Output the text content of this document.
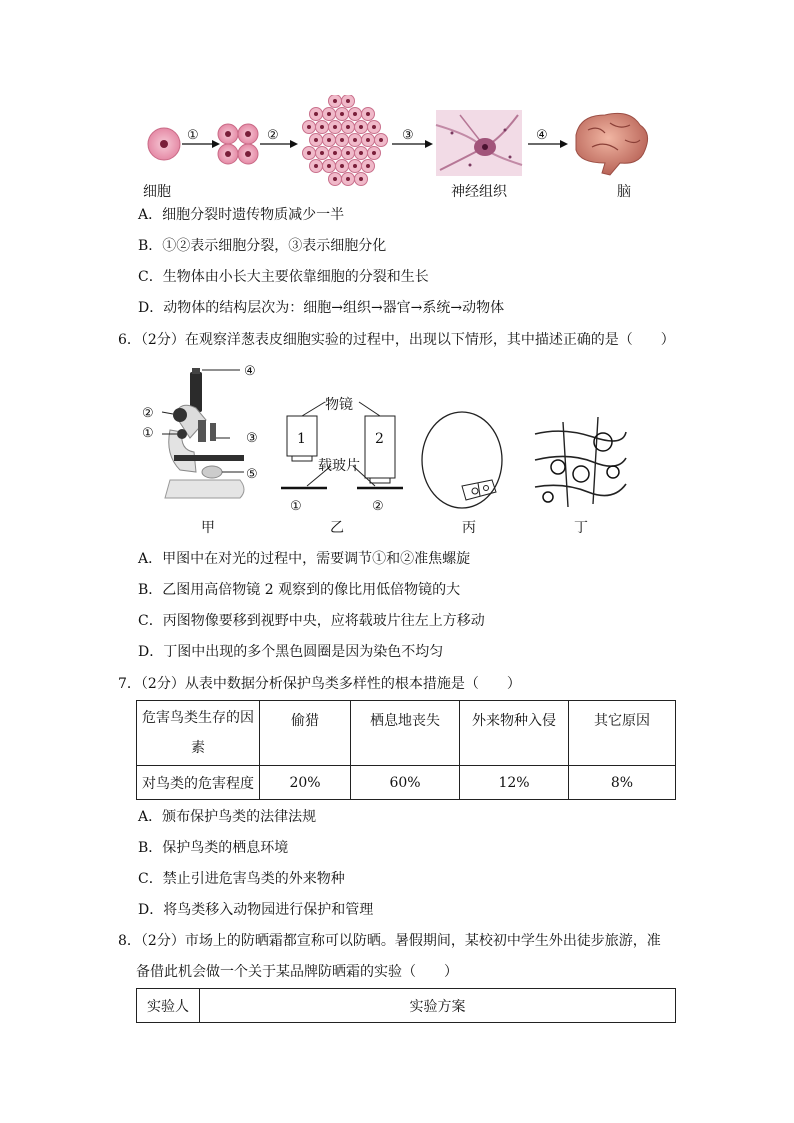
①	②	③	④
细胞	神经组织	脑
A．细胞分裂时遗传物质减少一半
B．①②表示细胞分裂，③表示细胞分化
C．生物体由小长大主要依靠细胞的分裂和生长
D．动物体的结构层次为：细胞→组织→器官→系统→动物体
6．（2分）在观察洋葱表皮细胞实验的过程中，出现以下情形，其中描述正确的是（　　）
④
②
①	③
⑤
甲
物镜
1	2
载玻片
①	②
乙	丙	丁
A．甲图中在对光的过程中，需要调节①和②准焦螺旋
B．乙图用高倍物镜 2 观察到的像比用低倍物镜的大
C．丙图物像要移到视野中央，应将载玻片往左上方移动
D．丁图中出现的多个黑色圆圈是因为染色不均匀
7．（2分）从表中数据分析保护鸟类多样性的根本措施是（　　）
危害鸟类生存的因
素	偷猎	栖息地丧失	外来物种入侵	其它原因
对鸟类的危害程度	20%	60%	12%	8%
A．颁布保护鸟类的法律法规
B．保护鸟类的栖息环境
C．禁止引进危害鸟类的外来物种
D．将鸟类移入动物园进行保护和管理
8．（2分）市场上的防晒霜都宣称可以防晒。暑假期间，某校初中学生外出徒步旅游，准
备借此机会做一个关于某品牌防晒霜的实验（　　）
实验人	实验方案
